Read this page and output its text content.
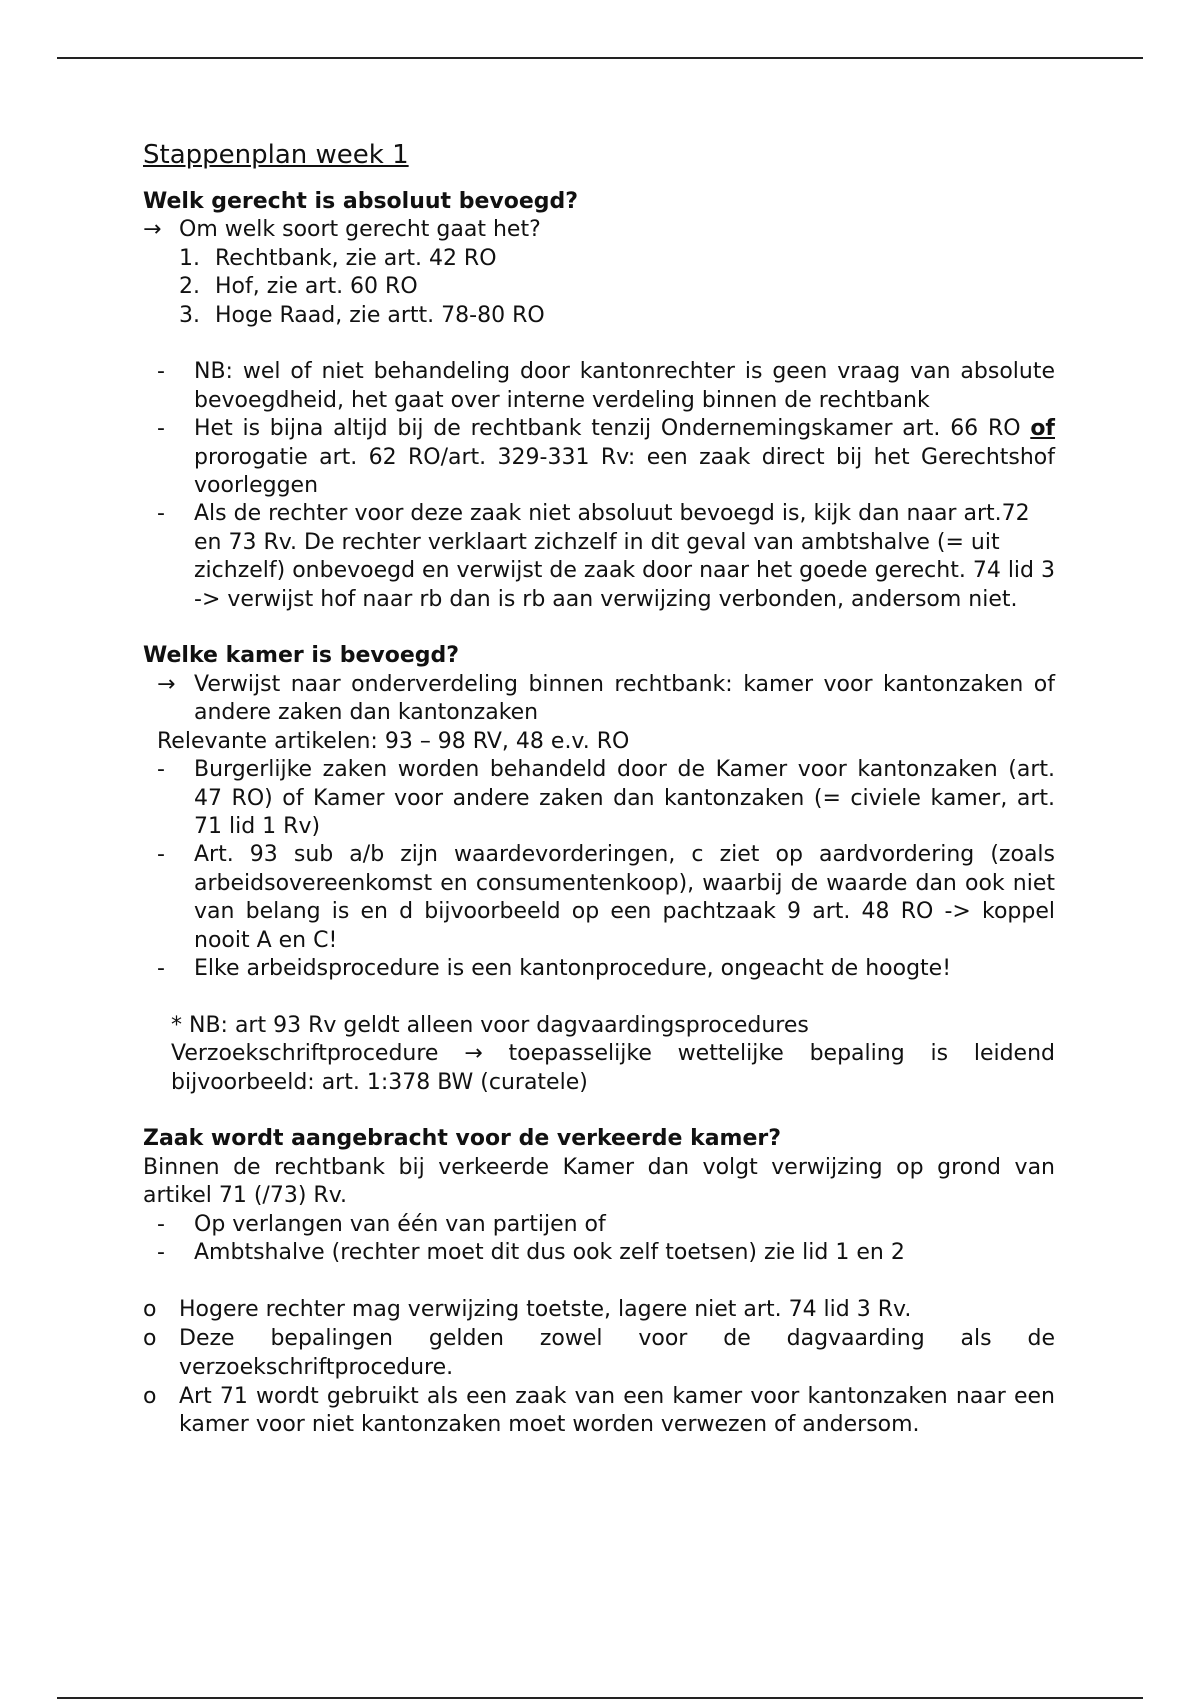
Stappenplan week 1
Welk gerecht is absoluut bevoegd?
→ Om welk soort gerecht gaat het?
1. Rechtbank, zie art. 42 RO
2. Hof, zie art. 60 RO
3. Hoge Raad, zie artt. 78-80 RO
-	NB: wel of niet behandeling door kantonrechter is geen vraag van absolute bevoegdheid, het gaat over interne verdeling binnen de rechtbank
-	Het is bijna altijd bij de rechtbank tenzij Ondernemingskamer art. 66 RO of prorogatie art. 62 RO/art. 329-331 Rv: een zaak direct bij het Gerechtshof voorleggen
-	Als de rechter voor deze zaak niet absoluut bevoegd is, kijk dan naar art.72 en 73 Rv. De rechter verklaart zichzelf in dit geval van ambtshalve (= uit zichzelf) onbevoegd en verwijst de zaak door naar het goede gerecht. 74 lid 3 -> verwijst hof naar rb dan is rb aan verwijzing verbonden, andersom niet.
Welke kamer is bevoegd?
→ Verwijst naar onderverdeling binnen rechtbank: kamer voor kantonzaken of andere zaken dan kantonzaken
Relevante artikelen: 93 – 98 RV, 48 e.v. RO
-	Burgerlijke zaken worden behandeld door de Kamer voor kantonzaken (art. 47 RO) of Kamer voor andere zaken dan kantonzaken (= civiele kamer, art. 71 lid 1 Rv)
-	Art. 93 sub a/b zijn waardevorderingen, c ziet op aardvordering (zoals arbeidsovereenkomst en consumentenkoop), waarbij de waarde dan ook niet van belang is en d bijvoorbeeld op een pachtzaak 9 art. 48 RO -> koppel nooit A en C!
-	Elke arbeidsprocedure is een kantonprocedure, ongeacht de hoogte!
* NB: art 93 Rv geldt alleen voor dagvaardingsprocedures
Verzoekschriftprocedure → toepasselijke wettelijke bepaling is leidend bijvoorbeeld: art. 1:378 BW (curatele)
Zaak wordt aangebracht voor de verkeerde kamer?
Binnen de rechtbank bij verkeerde Kamer dan volgt verwijzing op grond van artikel 71 (/73) Rv.
-	Op verlangen van één van partijen of
-	Ambtshalve (rechter moet dit dus ook zelf toetsen) zie lid 1 en 2
o	Hogere rechter mag verwijzing toetste, lagere niet art. 74 lid 3 Rv.
o	Deze bepalingen gelden zowel voor de dagvaarding als de verzoekschriftprocedure.
o	Art 71 wordt gebruikt als een zaak van een kamer voor kantonzaken naar een kamer voor niet kantonzaken moet worden verwezen of andersom.
